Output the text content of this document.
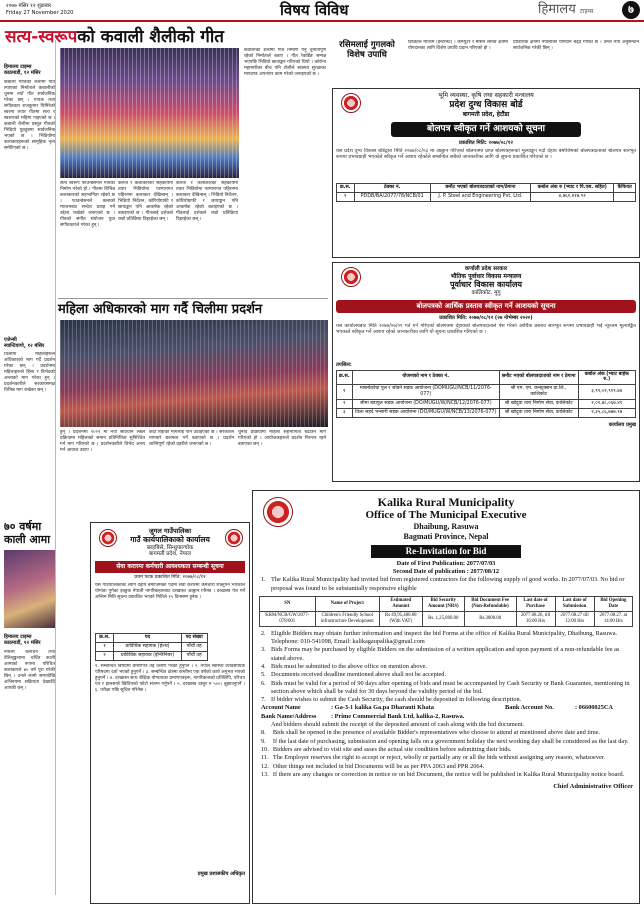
२०७७ मंसिर १२ शुक्रबार
Friday 27 November 2020	विषय विविध	हिमालय टाइम्स	७
हिमालय टाइम्स
काठमाडौं, १२ मंसिर
कबाली गीतिको शैलीमा गीत ल्याएका निर्माताले कबालीको धुनमा नयाँ गीत सार्वजनिक गरेका छन् । गायक तथा संगीतकार राजकुमार घिमिरेको स्वरमा तयार गीतमा सत्य र स्वरूपको महिमा गाइएको छ । कबाली शैलीमा प्रस्तुत गीतको भिडियो युट्युबमा सार्वजनिक भएको छ । भिडियोमा कलाकारहरूको सामूहिक नृत्य समेटिएको छ ।
एजेन्सी
स्यान्टियागो, १२ मंसिर
चिलीमा महिलाहरूले अधिकारको माग गर्दै प्रदर्शन गरेका छन् । प्रदर्शनमा महिलाहरूले हिंसा र विभेदको अन्त्यको माग गरेका हुन् । प्रदर्शनकारीले सरकारसमक्ष विभिन्न माग राखेका छन् ।
७० वर्षमा काली आमा
हिमालय टाइम्स
काठमाडौं, १२ मंसिर
नेपाली चलचित्र तथा टेलिश्रृङ्खलामा चर्चित काली आमाको रूपमा परिचित कलाकारले ७० वर्ष पूरा गरेकी छिन् । उनले लामो समयदेखि अभिनयमा सक्रियता देखाउँदै आएकी छन् ।
सत्य-स्वरूपको कवाली शैलीको गीत
सत्य स्वरूप फाउन्डेसनले गीतको निर्माण गरेको हो । गीतमा विभिन्न कलाकारको सहभागिता रहेको छ । फाउन्डेसनले कलाको माध्यमबाट सन्देश प्रवाह गर्ने उद्देश्य राखेको जनाएको छ । गीतको संगीत संयोजन युवा संगीतकारले गरेका हुन् ।
कलेज र कलाकारको सहकार्यमा तयार भिडियोमा परम्परागत पहिरनमा कलाकार देखिन्छन् । भिडियो निर्देशन, कोरियोग्राफी र छायाङ्कन पनि आकर्षक रहेको बताइएको छ । गीतलाई दर्शकले राम्रो प्रतिक्रिया दिइरहेका छन् ।
कलेज र कलाकारको सहकार्यमा तयार भिडियोमा परम्परागत पहिरनमा कलाकार देखिन्छन् । भिडियो निर्देशन, कोरियोग्राफी र छायाङ्कन पनि आकर्षक रहेको बताइएको छ । गीतलाई दर्शकले राम्रो प्रतिक्रिया दिइरहेका छन् ।
कवालीको शैलीमा गीत निर्माण गर्नु चुनौतीपूर्ण रहेको निर्माताले बताए । गीत रेकर्डिङ सम्पन्न भएपछि भिडियो छायाङ्कन गरिएको थियो । कोरोना महामारीका बीच पनि टोलीले स्वास्थ्य सुरक्षाका मापदण्ड अपनाएर काम गरेको जनाइएको छ ।
महिला अधिकारको माग गर्दै चिलीमा प्रदर्शन
हुन् । प्रदर्शनमा २०२१ मा नयाँ संविधान लेख्ने प्रक्रियामा महिलाको समान प्रतिनिधित्व सुनिश्चित गर्न माग गरिएको छ । प्रदर्शनकारीले विभेद अन्त्य गर्न आवाज उठाए ।
कैदी रिहाको मागलाई पनि उठाइएको छ । सरकारले मागबारे छलफल गर्ने बताएको छ । प्रदर्शन शान्तिपूर्ण रहेको प्रहरीले जनाएको छ ।
चुनाव प्रक्रियामा महिला सहभागिता बढाउने माग गरिएको हो । आयोजकहरूले प्रदर्शन निरन्तर रहने बताएका छन् ।
जुगल गाउँपालिका
गाउँ कार्यपालिकाको कार्यालय
बरहबिसे, सिन्धुपाल्चोक
बागमती प्रदेश, नेपाल
सेवा करारमा कर्मचारी आवश्यकता सम्बन्धी सूचना
प्रथम पटक प्रकाशित मिति: २०७७/०८/१२
यस गाउँपालिकाको लागि देहाय बमोजिमका पदमा सेवा करारमा कर्मचारी राख्नुपर्ने भएकोले योग्यता पुगेका इच्छुक नेपाली नागरिकहरूबाट दरखास्त आह्वान गरिन्छ । दरखास्त पेश गर्ने अन्तिम मिति सूचना प्रकाशित भएको मितिले १५ दिनसम्म हुनेछ ।
क्र.स.	पद	पद संख्या
१	प्राविधिक सहायक (हेल्थ)	पाँचौं तह
२	प्राविधिक सहायक (इन्जिनियर)	पाँचौं तह
१. सम्बन्धित विषयमा प्रमाणपत्र तह उत्तीर्ण गरेको हुनुपर्ने । २. नेपाल स्वास्थ्य व्यावसायिक परिषदमा दर्ता भएको हुनुपर्ने । ३. सम्बन्धित क्षेत्रमा कम्तीमा एक वर्षको कार्य अनुभव भएको हुनुपर्ने । ४. दरखास्त साथ शैक्षिक योग्यताका प्रमाणपत्रहरू, नागरिकताको प्रतिलिपि, परिचय पत्र र हालसालै खिचिएको फोटो संलग्न गर्नुपर्ने । ५. दरखास्त दस्तुर रु ५००। बुझाउनुपर्ने । ६. परीक्षा पछि सूचित गरिनेछ ।
प्रमुख प्रशासकीय अधिकृत
रसिमलाई गुगलको विशेष उपाधि
डिजिटल माध्यम (इन्टरनेट) । कम्प्युटर र मेसिन लर्निङ क्षेत्रमा योगदानका लागि विशेष उपाधि प्रदान गरिएको हो ।
प्राविधिक क्षेत्रमा नेपालीको योगदान बढ्दै गएको छ । उनले नयाँ अनुसन्धान सार्वजनिक गरेकी छिन् ।
भूमि व्यवस्था, कृषि तथा सहकारी मन्त्रालय
प्रदेश दुग्ध विकास बोर्ड
बागमती प्रदेश, हेटौंडा
बोलपत्र स्वीकृत गर्ने आशयको सूचना
प्रकाशित मिति: २०७७/०८/१२
यस प्रदेश दुग्ध विकास बोर्डद्वारा मिति २०७७/०८/०३ मा आह्वान गरिएको बोलपत्रमा प्राप्त बोलपत्रहरूको मूल्याङ्कन गर्दा देहाय बमोजिमको बोलपत्रदाताको बोलपत्र सारभूत रूपमा प्रभावग्राही भएकोले स्वीकृत गर्ने आशय रहेकोले सम्बन्धित सबैको जानकारीका लागि यो सूचना प्रकाशित गरिएको छ ।
क्र.स.	ठेक्का नं.	छनौट भएको बोलपत्रदाताको नाम/ठेगाना	कबोल अंक रु (भ्याट र पि.एस. सहित)	कैफियत
१	PDDB/BA/2077/78/NCB/01	J. P. Steel and Engineering Pvt. Ltd.	४,७६२,४१७.९२	
कर्णाली प्रदेश सरकार
भौतिक पूर्वाधार विकास मन्त्रालय
पूर्वाधार विकास कार्यालय
कालिकोट, मुगु
बोलपत्रको आर्थिक प्रस्ताव स्वीकृत गर्ने आशयको सूचना
प्रकाशित मिति: २०७७/०८/१२ (२७ नोभेम्बर २०२०)
यस कार्यालयबाट मिति २०७७/०७/०१ गते गर्ने गरिएको बोलपत्रमा देहायको बोलपत्रदाताले पेस गरेको आर्थिक प्रस्ताव सारभूत रूपमा प्रभावग्राही भई न्यूनतम मूल्याङ्कित भएकाले स्वीकृत गर्ने आशय रहेको जानकारीका लागि यो सूचना प्रकाशित गरिएको छ ।
तपसिल:
क्र.स.	योजनाको नाम र ठेक्का नं.	छनौट भएको बोलपत्रदाताको नाम र ठेगाना	कबोल अंक (भ्याट बाहेक रु.)
१	मास्लोकोचा पुल र जोडने सडक आयोजना (DOMUGU/NCB/11/2076-077)	श्री एम. एम. कन्स्ट्रक्सन प्रा.लि., कालिकोट	३,९९,०२,९१९.७४
२	जीमा बडापुल सडक आयोजना (DO/MUGU/W/NCB/12/2076-077)	श्री खोदुवा तारा निर्माण सेवा, कालिकोट	२,०१,७८,०६७.४९
३	तिला सहदे भन्सारी सडक आयोजना (DO/MUGU/W/NCB/13/2076-077)	श्री खोदुवा तारा निर्माण सेवा, कालिकोट	२,३५,८६,७७७.९७
कार्यालय प्रमुख
Kalika Rural Municipality
Office of The Municipal Executive
Dhaibung, Rasuwa
Bagmati Province, Nepal
Re-Invitation for Bid
Date of First Publication: 2077/07/03
Second Date of publication : 2077/08/12
1.	The Kalika Rural Municipality had invited bid from registered contractors for the following supply of good works. In 2077/07/03. No bid or proposal was found to be substantially responsive eligible
SN	Name of Project	Estimated Amount	Bid Security Amount (NRS)	Bid Document Fee (Non-Refundable)	Last date of Purchase	Last date of Submission	Bid Opening Date
KRM/NCB/GW/2077-078/001	Children's Friendly School infrastructure Development	Rs 49,95,480.88 (With VAT)	Rs. 1,25,000.00	Rs.3000.00	2077.08.26, till 16:00 Hrs	2077.08.27 till 12:00 Hrs	2077.08.27. at 14:00 Hrs
2.	Eligible Bidders may obtain further information and inspect the bid Forms at the office of Kalika Rural Municipality, Dhaibung, Rasuwa. Telephone: 010-541098, Email: kalikagaupalika@gmail.com
3.	Bids Forms may be purchased by eligible Bidders on the submission of a written application and upon payment of a non-refundable fee as stated above.
4.	Bids must be submitted to the above office on mention above.
5.	Documents received deadline mentioned above shall not be accepted.
6.	Bids must be valid for a period of 90 days after opening of bids and must be accompanied by Cash Security or Bank Guarantee, mentioning in section above which shall be valid for 30 days beyond the validity period of the bid.
7.	If bidder wishes to submit the Cash Security, the cash should be deposited in following description.
Account Name	: Ga-3-1 kalika Ga.pa Dharauti Khata	Bank Account No.	: 06600025CA
Bank Name/Address	: Prime Commercial Bank Ltd, kalika-2, Rasuwa.		
And bidders should submit the receipt of the deposited amount of cash along with the bid document.
8.	Bids shall be opened in the presence of available Bidder's representatives who choose to attend at mentioned above date and time.
9.	If the last date of purchasing, submission and opening falls on a government holiday the next working day shall be considered as the last day.
10.	Bidders are advised to visit site and asses the actual site condition before submitting their bids.
11.	The Employer reserves the right to accept or reject, wholly or partially any or all the bids without assigning any reason, whatsoever.
12.	Other things not included in bid Documents will be as per PPA 2063 and PPR 2064.
13.	If there are any changes or correction in notice or on bid Document, the notice will be published in Kalika Rural Municipality notice board.
Chief Administrative Officer
